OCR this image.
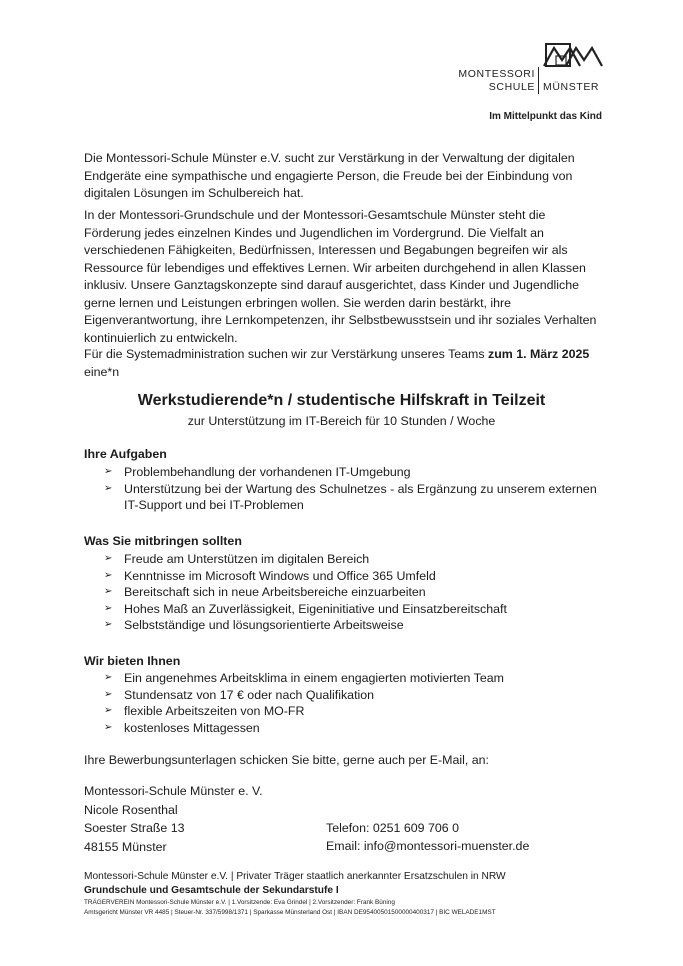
MONTESSORI
SCHULE MÜNSTER
Im Mittelpunkt das Kind

Die Montessori-Schule Münster e.V. sucht zur Verstärkung in der Verwaltung der digitalen Endgeräte eine sympathische und engagierte Person, die Freude bei der Einbindung von digitalen Lösungen im Schulbereich hat.

In der Montessori-Grundschule und der Montessori-Gesamtschule Münster steht die Förderung jedes einzelnen Kindes und Jugendlichen im Vordergrund. Die Vielfalt an verschiedenen Fähigkeiten, Bedürfnissen, Interessen und Begabungen begreifen wir als Ressource für lebendiges und effektives Lernen. Wir arbeiten durchgehend in allen Klassen inklusiv. Unsere Ganztagskonzepte sind darauf ausgerichtet, dass Kinder und Jugendliche gerne lernen und Leistungen erbringen wollen. Sie werden darin bestärkt, ihre Eigenverantwortung, ihre Lernkompetenzen, ihr Selbstbewusstsein und ihr soziales Verhalten kontinuierlich zu entwickeln.

Für die Systemadministration suchen wir zur Verstärkung unseres Teams zum 1. März 2025 eine*n

Werkstudierende*n / studentische Hilfskraft in Teilzeit
zur Unterstützung im IT-Bereich für 10 Stunden / Woche
Ihre Aufgaben
➢ Problembehandlung der vorhandenen IT-Umgebung
➢ Unterstützung bei der Wartung des Schulnetzes - als Ergänzung zu unserem externen IT-Support und bei IT-Problemen
Was Sie mitbringen sollten
➢ Freude am Unterstützen im digitalen Bereich
➢ Kenntnisse im Microsoft Windows und Office 365 Umfeld
➢ Bereitschaft sich in neue Arbeitsbereiche einzuarbeiten
➢ Hohes Maß an Zuverlässigkeit, Eigeninitiative und Einsatzbereitschaft
➢ Selbstständige und lösungsorientierte Arbeitsweise
Wir bieten Ihnen
➢ Ein angenehmes Arbeitsklima in einem engagierten motivierten Team
➢ Stundensatz von 17 € oder nach Qualifikation
➢ flexible Arbeitszeiten von MO-FR
➢ kostenloses Mittagessen
Ihre Bewerbungsunterlagen schicken Sie bitte, gerne auch per E-Mail, an:
Montessori-Schule Münster e. V.
Nicole Rosenthal
Soester Straße 13
48155 Münster
Telefon: 0251 609 706 0
Email: info@montessori-muenster.de
Montessori-Schule Münster e.V. | Privater Träger staatlich anerkannter Ersatzschulen in NRW
Grundschule und Gesamtschule der Sekundarstufe I
TRÄGERVEREIN Montessori-Schule Münster e.V. | 1.Vorsitzende: Eva Grindel | 2.Vorsitzender: Frank Büning
Amtsgericht Münster VR 4485 | Steuer-Nr. 337/5998/1371 | Sparkasse Münsterland Ost | IBAN DE95400501500000400317 | BIC WELADE1MST
